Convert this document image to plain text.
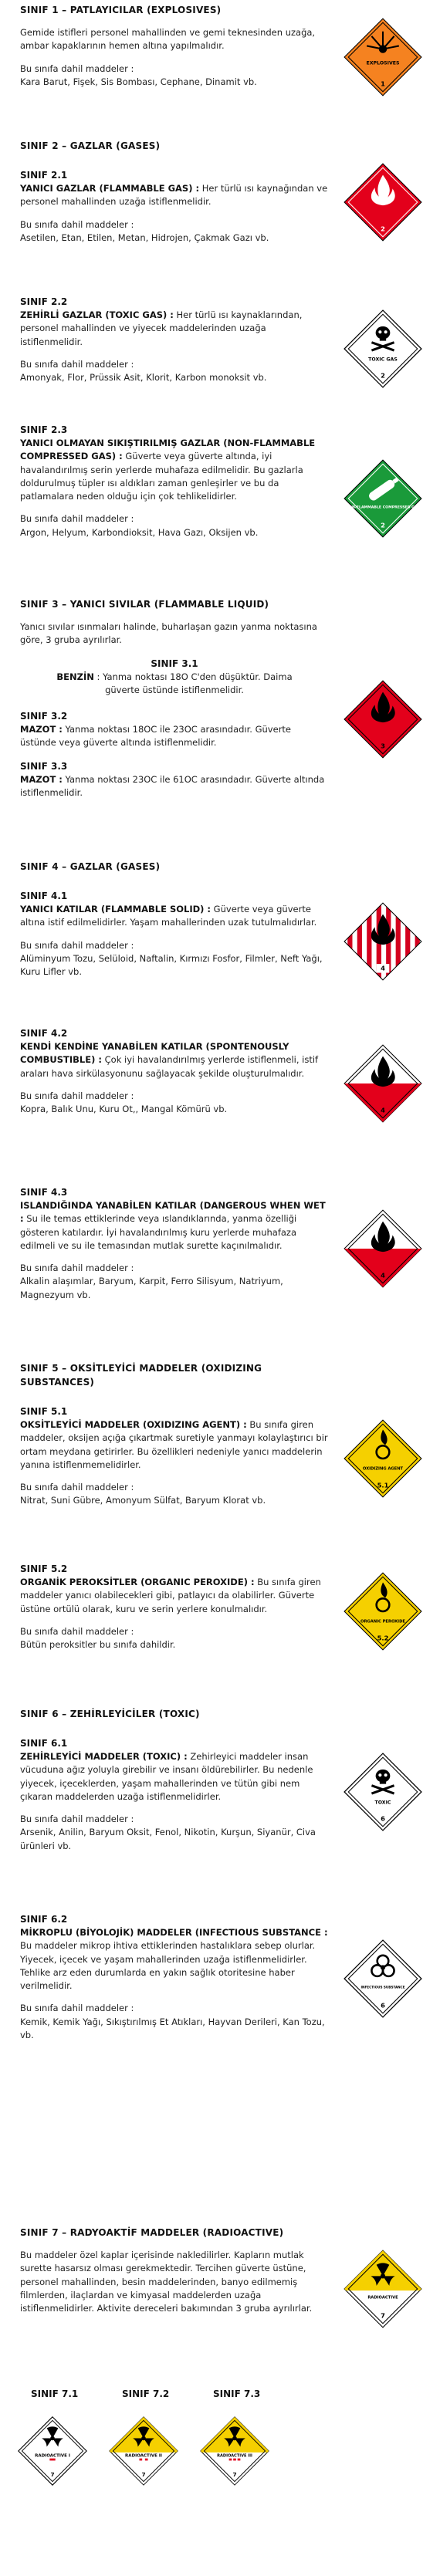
SINIF 1 – PATLAYICILAR (EXPLOSIVES)

Gemide istifleri personel mahallinden ve gemi teknesinden uzağa, ambar kapaklarının hemen altına yapılmalıdır.

Bu sınıfa dahil maddeler :
Kara Barut, Fişek, Sis Bombası, Cephane, Dinamit vb.
EXPLOSIVES
1
SINIF 2 – GAZLAR (GASES)
SINIF 2.1

YANICI GAZLAR (FLAMMABLE GAS) : Her türlü ısı kaynağından ve personel mahallinden uzağa istiflenmelidir.

Bu sınıfa dahil maddeler :
Asetilen, Etan, Etilen, Metan, Hidrojen, Çakmak Gazı vb.
2
SINIF 2.2

ZEHİRLİ GAZLAR (TOXIC GAS) : Her türlü ısı kaynaklarından, personel mahallinden ve yiyecek maddelerinden uzağa istiflenmelidir.

Bu sınıfa dahil maddeler :
Amonyak, Flor, Prüssik Asit, Klorit, Karbon monoksit vb.
TOXIC GAS
2
SINIF 2.3

YANICI OLMAYAN SIKIŞTIRILMIŞ GAZLAR (NON-FLAMMABLE COMPRESSED GAS) : Güverte veya güverte altında, iyi havalandırılmış serin yerlerde muhafaza edilmelidir. Bu gazlarla doldurulmuş tüpler ısı aldıkları zaman genleşirler ve bu da patlamalara neden olduğu için çok tehlikelidirler.

Bu sınıfa dahil maddeler :
Argon, Helyum, Karbondioksit, Hava Gazı, Oksijen vb.
NON-FLAMMABLE COMPRESSED GAS
2
SINIF 3 – YANICI SIVILAR (FLAMMABLE LIQUID)

Yanıcı sıvılar ısınmaları halinde, buharlaşan gazın yanma noktasına göre, 3 gruba ayrılırlar.

SINIF 3.1
BENZİN : Yanma noktası 18O C'den düşüktür. Daima güverte üstünde istiflenmelidir.
SINIF 3.2

MAZOT : Yanma noktası 18OC ile 23OC arasındadır. Güverte üstünde veya güverte altında istiflenmelidir.

SINIF 3.3

MAZOT : Yanma noktası 23OC ile 61OC arasındadır. Güverte altında istiflenmelidir.

3
SINIF 4 – GAZLAR (GASES)
SINIF 4.1

YANICI KATILAR (FLAMMABLE SOLID) : Güverte veya güverte altına istif edilmelidirler. Yaşam mahallerinden uzak tutulmalıdırlar.

Bu sınıfa dahil maddeler :
Alüminyum Tozu, Selüloid, Naftalin, Kırmızı Fosfor, Filmler, Neft Yağı, Kuru Lifler vb.	4
SINIF 4.2

KENDİ KENDİNE YANABİLEN KATILAR (SPONTENOUSLY COMBUSTIBLE) : Çok iyi havalandırılmış yerlerde istiflenmeli, istif araları hava sirkülasyonunu sağlayacak şekilde oluşturulmalıdır.

Bu sınıfa dahil maddeler :
Kopra, Balık Unu, Kuru Ot,, Mangal Kömürü vb.	4
SINIF 4.3

ISLANDIĞINDA YANABİLEN KATILAR (DANGEROUS WHEN WET : Su ile temas ettiklerinde veya ıslandıklarında, yanma özelliği gösteren katılardır. İyi havalandırılmış kuru yerlerde muhafaza edilmeli ve su ile temasından mutlak surette kaçınılmalıdır.

Bu sınıfa dahil maddeler :
Alkalin alaşımlar, Baryum, Karpit, Ferro Silisyum, Natriyum, Magnezyum vb.
4
SINIF 5 – OKSİTLEYİCİ MADDELER (OXIDIZING SUBSTANCES)
SINIF 5.1

OKSİTLEYİCİ MADDELER (OXIDIZING AGENT) : Bu sınıfa giren maddeler, oksijen açığa çıkartmak suretiyle yanmayı kolaylaştırıcı bir ortam meydana getirirler. Bu özellikleri nedeniyle yanıcı maddelerin yanına istiflenmemelidirler.

Bu sınıfa dahil maddeler :
Nitrat, Suni Gübre, Amonyum Sülfat, Baryum Klorat vb.
OXIDIZING AGENT
5.1
SINIF 5.2

ORGANİK PEROKSİTLER (ORGANIC PEROXIDE) : Bu sınıfa giren maddeler yanıcı olabilecekleri gibi, patlayıcı da olabilirler. Güverte üstüne ortülü olarak, kuru ve serin yerlere konulmalıdır.

Bu sınıfa dahil maddeler :
Bütün peroksitler bu sınıfa dahildir.
ORGANIC PEROXIDE
5.2
SINIF 6 – ZEHİRLEYİCİLER (TOXIC)
SINIF 6.1

ZEHİRLEYİCİ MADDELER (TOXIC) : Zehirleyici maddeler insan vücuduna ağız yoluyla girebilir ve insanı öldürebilirler. Bu nedenle yiyecek, içeceklerden, yaşam mahallerinden ve tütün gibi nem çıkaran maddelerden uzağa istiflenmelidirler.

Bu sınıfa dahil maddeler :
Arsenik, Anilin, Baryum Oksit, Fenol, Nikotin, Kurşun, Siyanür, Civa ürünleri vb.
TOXIC
6
SINIF 6.2

MİKROPLU (BİYOLOJİK) MADDELER (INFECTIOUS SUBSTANCE : Bu maddeler mikrop ihtiva ettiklerinden hastalıklara sebep olurlar. Yiyecek, içecek ve yaşam mahallerinden uzağa istiflenmelidirler. Tehlike arz eden durumlarda en yakın sağlık otoritesine haber verilmelidir.

Bu sınıfa dahil maddeler :
Kemik, Kemik Yağı, Sıkıştırılmış Et Atıkları, Hayvan Derileri, Kan Tozu, vb.
INFECTIOUS SUBSTANCE
6
SINIF 7 – RADYOAKTİF MADDELER (RADIOACTIVE)

Bu maddeler özel kaplar içerisinde nakledilirler. Kapların mutlak surette hasarsız olması gerekmektedir. Tercihen güverte üstüne, personel mahallinden, besin maddelerinden, banyo edilmemiş filmlerden, ilaçlardan ve kimyasal maddelerden uzağa istiflenmelidirler. Aktivite dereceleri bakımından 3 gruba ayrılırlar.

RADIOACTIVE
7
SINIF 7.1	SINIF 7.2	SINIF 7.3
RADIOACTIVE I
7
RADIOACTIVE II
7
RADIOACTIVE III
7
